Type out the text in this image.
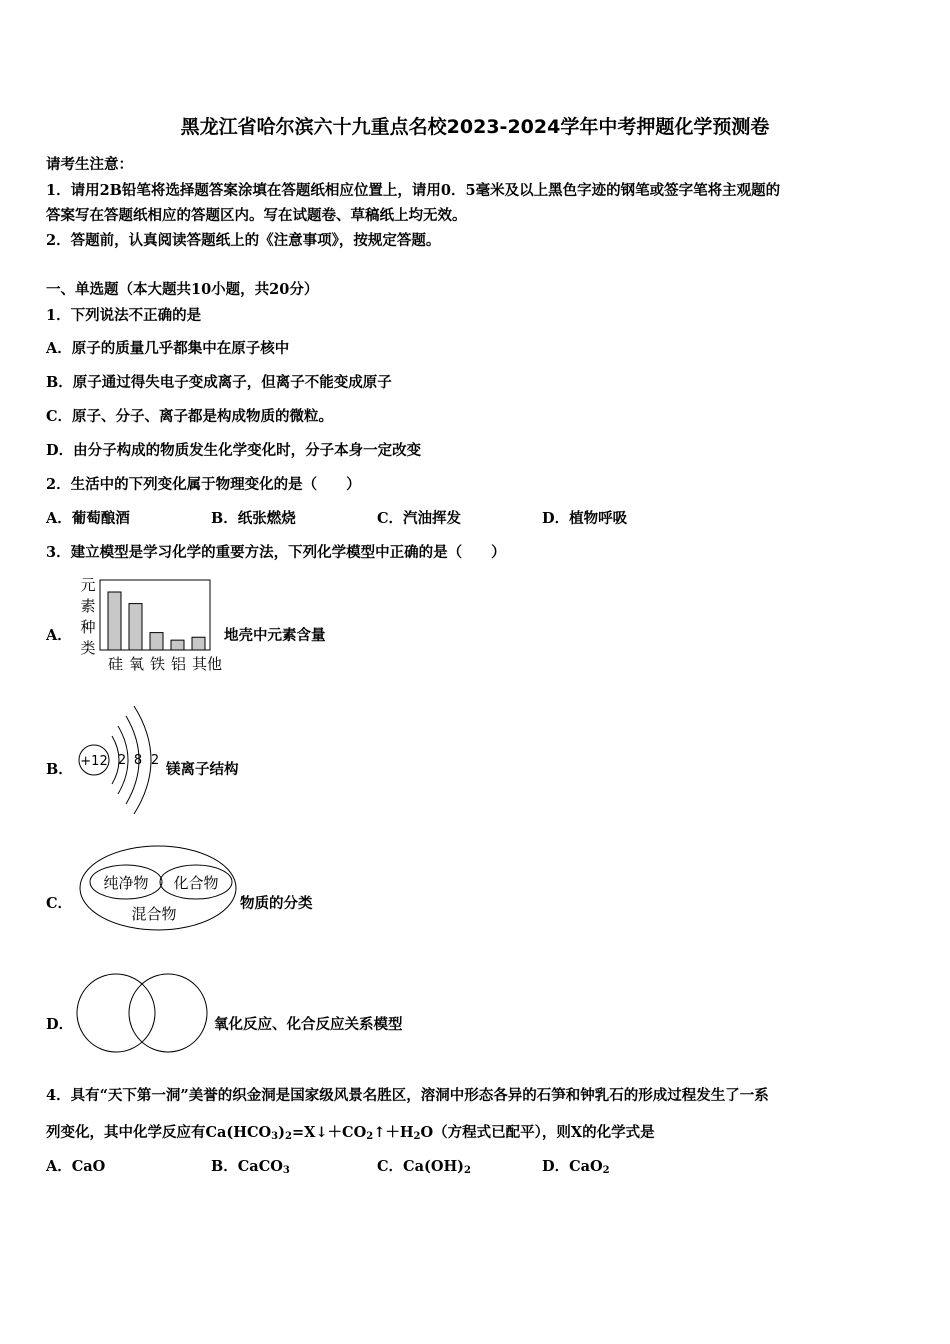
黑龙江省哈尔滨六十九重点名校2023-2024学年中考押题化学预测卷
请考生注意：
1．请用2B铅笔将选择题答案涂填在答题纸相应位置上，请用0．5毫米及以上黑色字迹的钢笔或签字笔将主观题的
答案写在答题纸相应的答题区内。写在试题卷、草稿纸上均无效。
2．答题前，认真阅读答题纸上的《注意事项》，按规定答题。
一、单选题（本大题共10小题，共20分）
1．下列说法不正确的是
A．原子的质量几乎都集中在原子核中
B．原子通过得失电子变成离子，但离子不能变成原子
C．原子、分子、离子都是构成物质的微粒。
D．由分子构成的物质发生化学变化时，分子本身一定改变
2．生活中的下列变化属于物理变化的是（　　）
A．葡萄酿酒	B．纸张燃烧	C．汽油挥发	D．植物呼吸
3．建立模型是学习化学的重要方法，下列化学模型中正确的是（　　）
A．
元
素
种
类
硅 氧 铁 铝 其他
地壳中元素含量
B． +12 2 8 2
镁离子结构
C．
纯净物 化合物
混合物
物质的分类
D．	氧化反应、化合反应关系模型
4．具有“天下第一洞”美誉的织金洞是国家级风景名胜区，溶洞中形态各异的石笋和钟乳石的形成过程发生了一系
列变化，其中化学反应有$Ca(HCO_3)_2=X↓+CO_2↑+H_2O$（方程式已配平），则X的化学式是
A．CaO	B．CaCO$_3$	C．$Ca(OH)_2$	D．CaO$_2$
